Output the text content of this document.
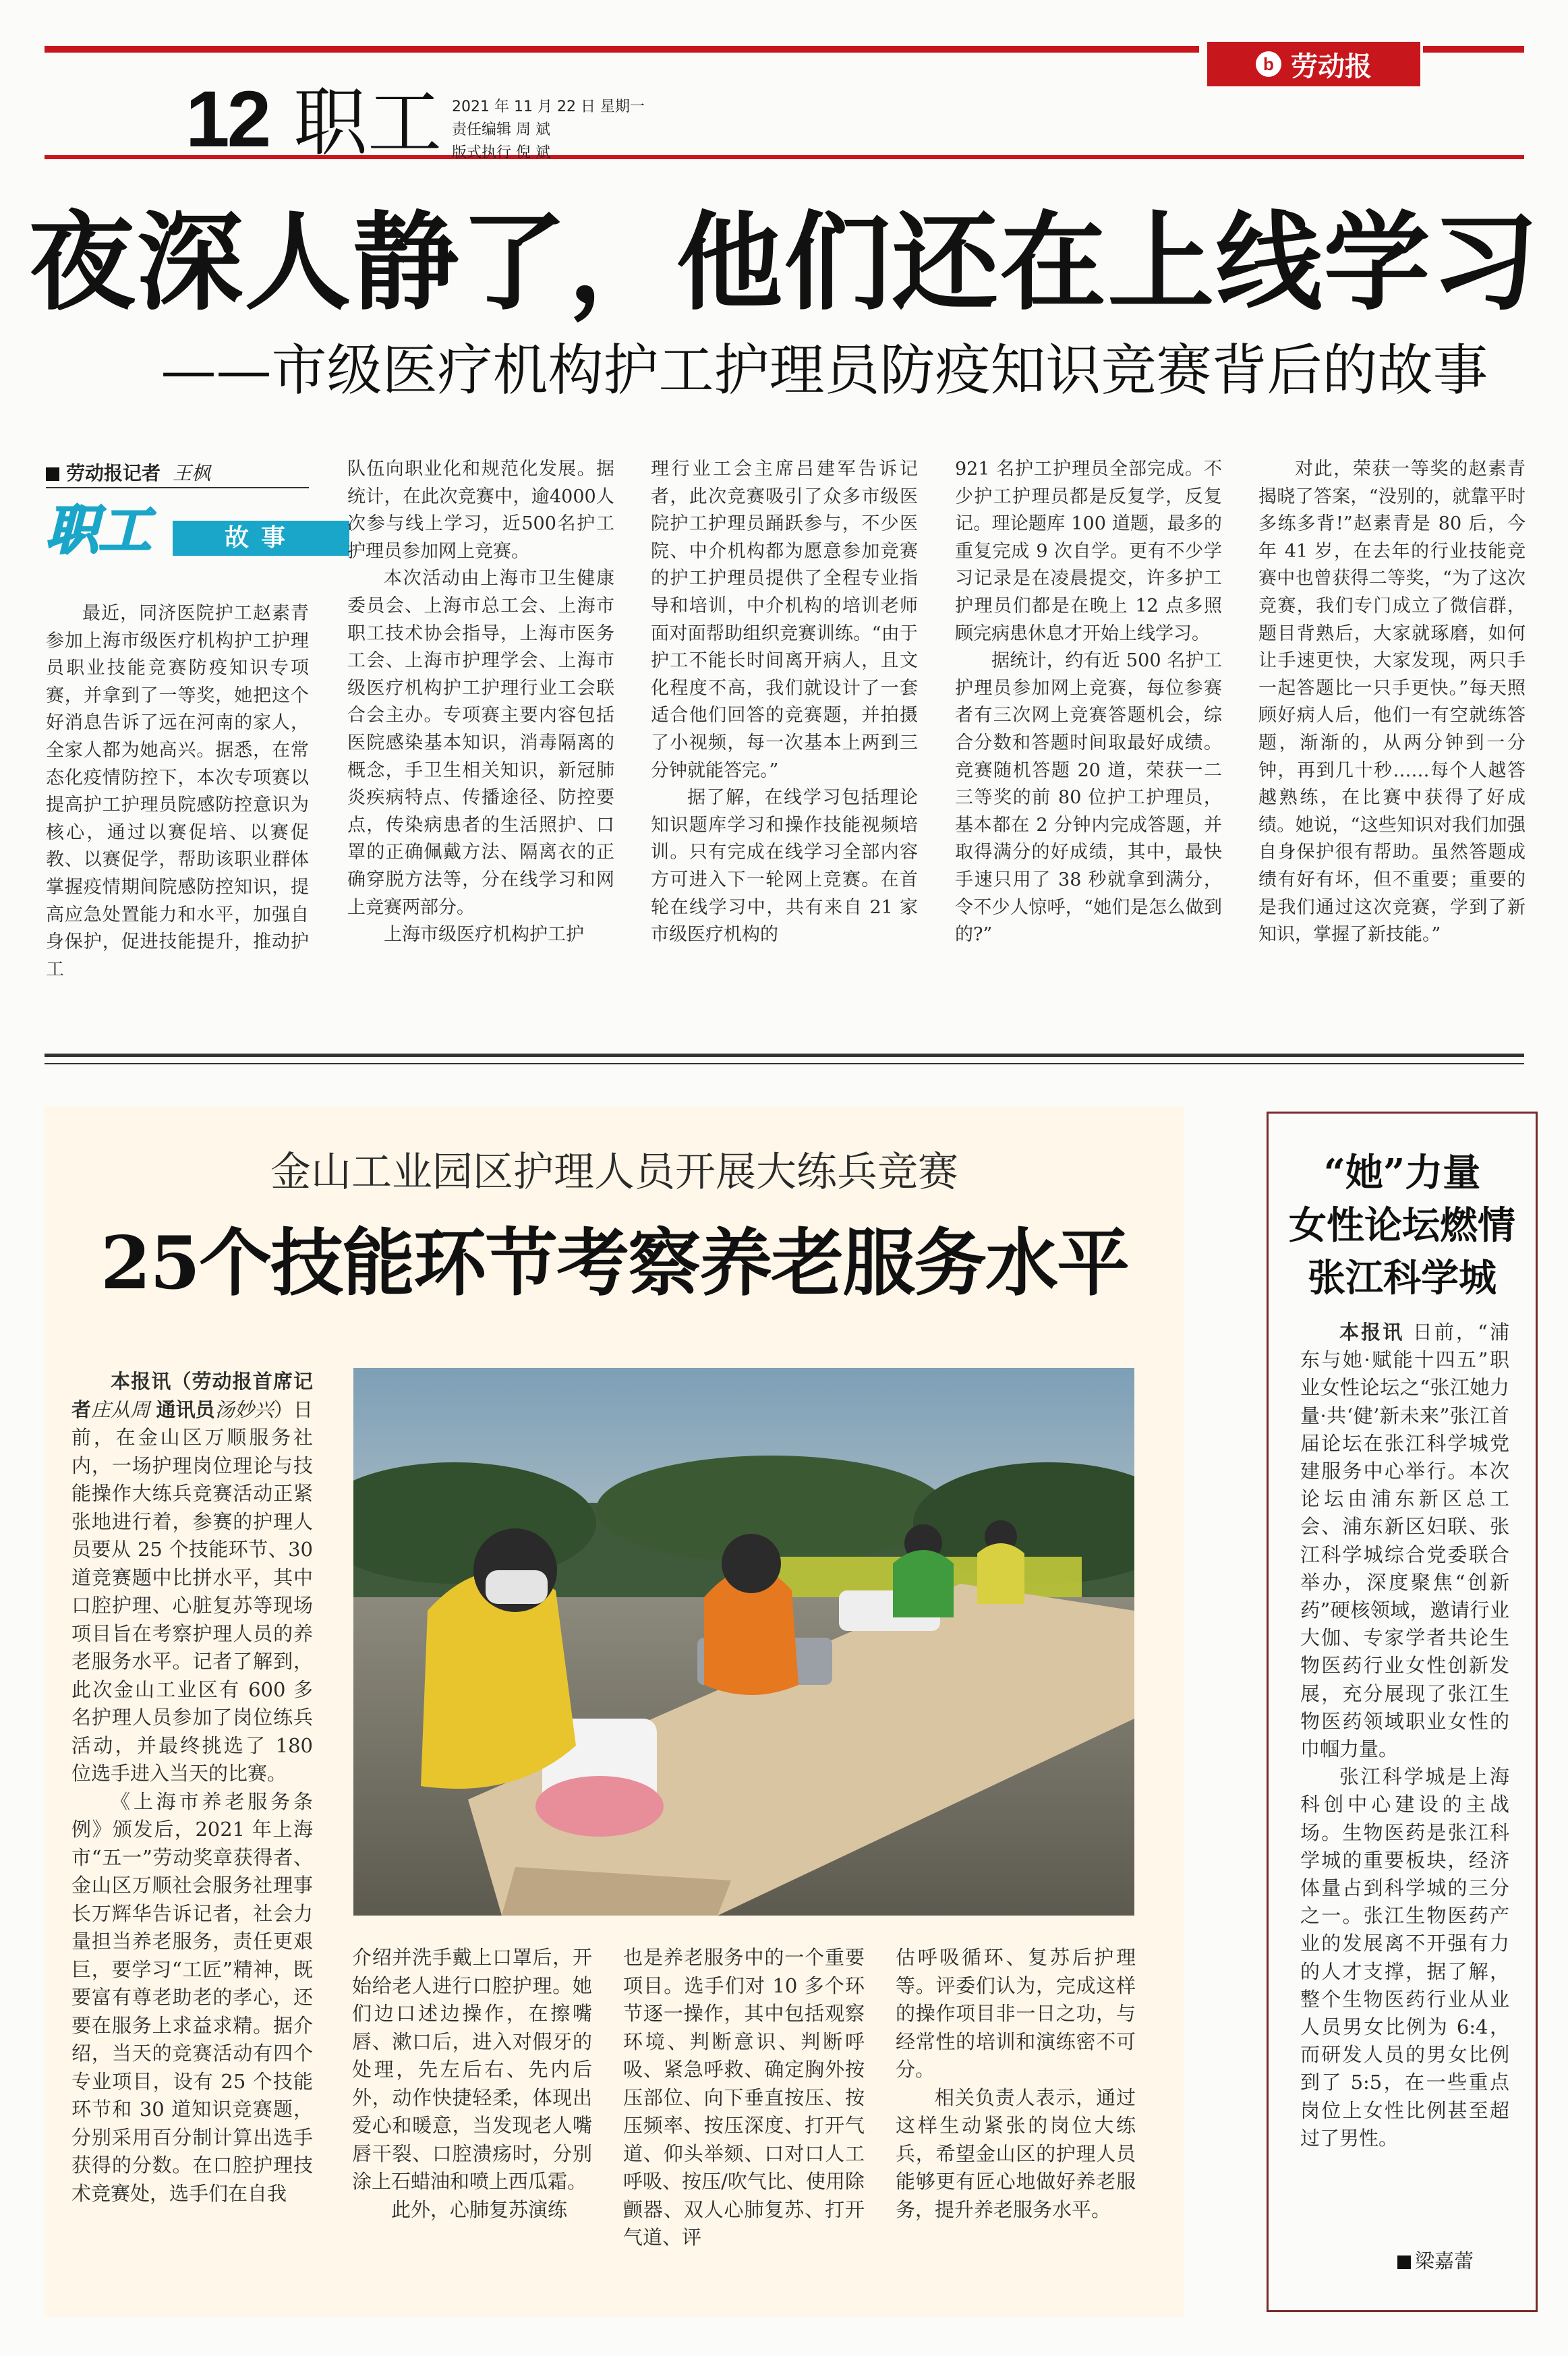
b 劳动报
12 职工 2021 年 11 月 22 日 星期一
责任编辑 周 斌
版式执行 倪 斌
夜深人静了，他们还在上线学习
——市级医疗机构护工护理员防疫知识竞赛背后的故事
劳动报记者 王枫
职工	故事

最近，同济医院护工赵素青参加上海市级医疗机构护工护理员职业技能竞赛防疫知识专项赛，并拿到了一等奖，她把这个好消息告诉了远在河南的家人，全家人都为她高兴。据悉，在常态化疫情防控下，本次专项赛以提高护工护理员院感防控意识为核心，通过以赛促培、以赛促教、以赛促学，帮助该职业群体掌握疫情期间院感防控知识，提高应急处置能力和水平，加强自身保护，促进技能提升，推动护工

队伍向职业化和规范化发展。据统计，在此次竞赛中，逾4000人次参与线上学习，近500名护工护理员参加网上竞赛。

本次活动由上海市卫生健康委员会、上海市总工会、上海市职工技术协会指导，上海市医务工会、上海市护理学会、上海市级医疗机构护工护理行业工会联合会主办。专项赛主要内容包括医院感染基本知识，消毒隔离的概念，手卫生相关知识，新冠肺炎疾病特点、传播途径、防控要点，传染病患者的生活照护、口罩的正确佩戴方法、隔离衣的正确穿脱方法等，分在线学习和网上竞赛两部分。

上海市级医疗机构护工护

理行业工会主席吕建军告诉记者，此次竞赛吸引了众多市级医院护工护理员踊跃参与，不少医院、中介机构都为愿意参加竞赛的护工护理员提供了全程专业指导和培训，中介机构的培训老师面对面帮助组织竞赛训练。“由于护工不能长时间离开病人，且文化程度不高，我们就设计了一套适合他们回答的竞赛题，并拍摄了小视频，每一次基本上两到三分钟就能答完。”

据了解，在线学习包括理论知识题库学习和操作技能视频培训。只有完成在线学习全部内容方可进入下一轮网上竞赛。在首轮在线学习中，共有来自 21 家市级医疗机构的

921 名护工护理员全部完成。不少护工护理员都是反复学，反复记。理论题库 100 道题，最多的重复完成 9 次自学。更有不少学习记录是在凌晨提交，许多护工护理员们都是在晚上 12 点多照顾完病患休息才开始上线学习。

据统计，约有近 500 名护工护理员参加网上竞赛，每位参赛者有三次网上竞赛答题机会，综合分数和答题时间取最好成绩。竞赛随机答题 20 道，荣获一二三等奖的前 80 位护工护理员，基本都在 2 分钟内完成答题，并取得满分的好成绩，其中，最快手速只用了 38 秒就拿到满分，令不少人惊呼，“她们是怎么做到的?”

对此，荣获一等奖的赵素青揭晓了答案，“没别的，就靠平时多练多背!”赵素青是 80 后，今年 41 岁，在去年的行业技能竞赛中也曾获得二等奖，“为了这次竞赛，我们专门成立了微信群，题目背熟后，大家就琢磨，如何让手速更快，大家发现，两只手一起答题比一只手更快。”每天照顾好病人后，他们一有空就练答题，渐渐的，从两分钟到一分钟，再到几十秒……每个人越答越熟练，在比赛中获得了好成绩。她说，“这些知识对我们加强自身保护很有帮助。虽然答题成绩有好有坏，但不重要；重要的是我们通过这次竞赛，学到了新知识，掌握了新技能。”

金山工业园区护理人员开展大练兵竞赛
25个技能环节考察养老服务水平

本报讯（劳动报首席记者庄从周 通讯员汤妙兴）日前，在金山区万顺服务社内，一场护理岗位理论与技能操作大练兵竞赛活动正紧张地进行着，参赛的护理人员要从 25 个技能环节、30 道竞赛题中比拼水平，其中口腔护理、心脏复苏等现场项目旨在考察护理人员的养老服务水平。记者了解到，此次金山工业区有 600 多名护理人员参加了岗位练兵活动，并最终挑选了 180 位选手进入当天的比赛。

《上海市养老服务条例》颁发后，2021 年上海市“五一”劳动奖章获得者、金山区万顺社会服务社理事长万辉华告诉记者，社会力量担当养老服务，责任更艰巨，要学习“工匠”精神，既要富有尊老助老的孝心，还要在服务上求益求精。据介绍，当天的竞赛活动有四个专业项目，设有 25 个技能环节和 30 道知识竞赛题，分别采用百分制计算出选手获得的分数。在口腔护理技术竞赛处，选手们在自我

介绍并洗手戴上口罩后，开始给老人进行口腔护理。她们边口述边操作，在擦嘴唇、漱口后，进入对假牙的处理，先左后右、先内后外，动作快捷轻柔，体现出爱心和暖意，当发现老人嘴唇干裂、口腔溃疡时，分别涂上石蜡油和喷上西瓜霜。

此外，心肺复苏演练

也是养老服务中的一个重要项目。选手们对 10 多个环节逐一操作，其中包括观察环境、判断意识、判断呼吸、紧急呼救、确定胸外按压部位、向下垂直按压、按压频率、按压深度、打开气道、仰头举颏、口对口人工呼吸、按压/吹气比、使用除颤器、双人心肺复苏、打开气道、评

估呼吸循环、复苏后护理等。评委们认为，完成这样的操作项目非一日之功，与经常性的培训和演练密不可分。

相关负责人表示，通过这样生动紧张的岗位大练兵，希望金山区的护理人员能够更有匠心地做好养老服务，提升养老服务水平。

“她”力量
女性论坛燃情
张江科学城

本报讯 日前，“浦东与她·赋能十四五”职业女性论坛之“张江她力量·共‘健’新未来”张江首届论坛在张江科学城党建服务中心举行。本次论坛由浦东新区总工会、浦东新区妇联、张江科学城综合党委联合举办，深度聚焦“创新药”硬核领域，邀请行业大伽、专家学者共论生物医药行业女性创新发展，充分展现了张江生物医药领域职业女性的巾帼力量。

张江科学城是上海科创中心建设的主战场。生物医药是张江科学城的重要板块，经济体量占到科学城的三分之一。张江生物医药产业的发展离不开强有力的人才支撑，据了解，整个生物医药行业从业人员男女比例为 6:4，而研发人员的男女比例到了 5:5，在一些重点岗位上女性比例甚至超过了男性。

梁嘉蕾
